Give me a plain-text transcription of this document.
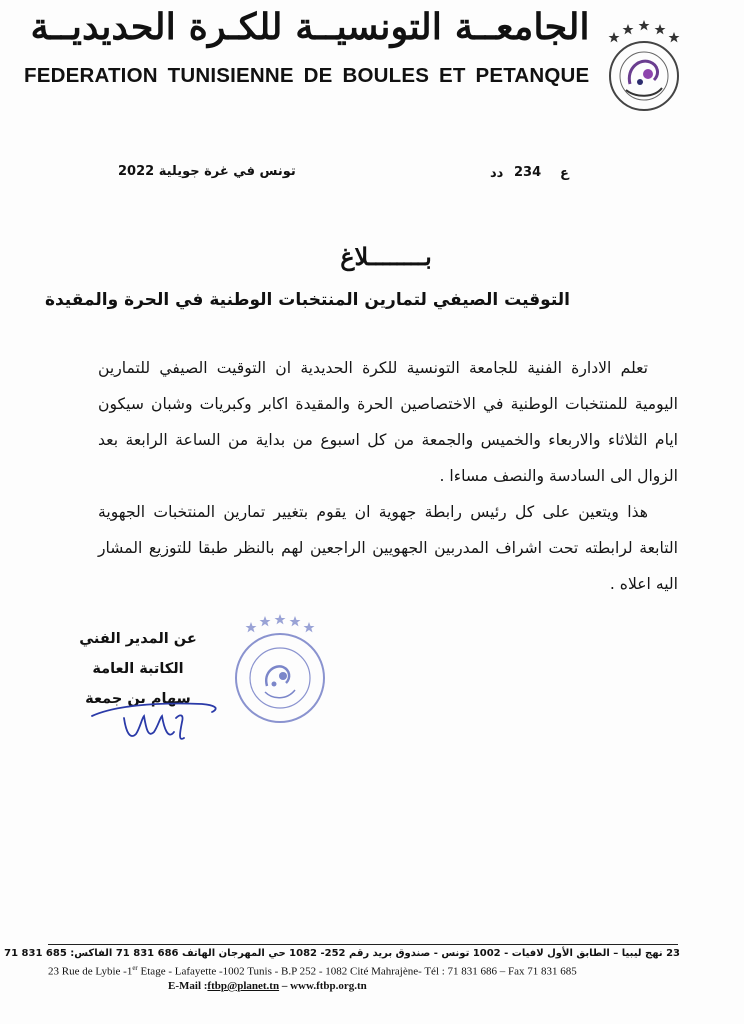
الجامعــة التونسيــة للكـرة الحديديــة
FEDERATION TUNISIENNE DE BOULES ET PETANQUE
ع
234
دد
تونس في غرة جويلية 2022
بــــــــلاغ
التوقيت الصيفي لتمارين المنتخبات الوطنية في الحرة والمقيدة

تعلم الادارة الفنية للجامعة التونسية للكرة الحديدية ان التوقيت الصيفي للتمارين اليومية للمنتخبات الوطنية في الاختصاصين الحرة والمقيدة اكابر وكبريات وشبان سيكون ايام الثلاثاء والاربعاء والخميس والجمعة من كل اسبوع من بداية من الساعة الرابعة بعد الزوال الى السادسة والنصف مساءا .

هذا ويتعين على كل رئيس رابطة جهوية ان يقوم بتغيير تمارين المنتخبات الجهوية التابعة لرابطته تحت اشراف المدربين الجهويين الراجعين لهم بالنظر طبقا للتوزيع المشار اليه اعلاه .

عن المدير الفني
الكاتبة العامة
سهام بن جمعة
23 نهج ليبيا – الطابق الأول لافيات - 1002 تونس - صندوق بريد رقم 252- 1082 حي المهرجان الهاتف 686 831 71 الفاكس: 685 831 71
23 Rue de Lybie -1er Etage - Lafayette -1002 Tunis - B.P 252 - 1082 Cité Mahrajène- Tél : 71 831 686 – Fax 71 831 685
E-Mail :ftbp@planet.tn – www.ftbp.org.tn
